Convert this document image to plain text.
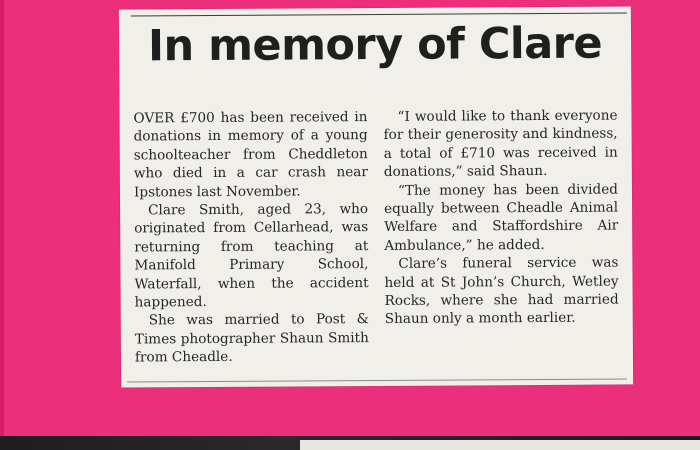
In memory of Clare

OVER £700 has been received in donations in memory of a young schoolteacher from Cheddleton who died in a car crash near Ipstones last November.

Clare Smith, aged 23, who originated from Cellarhead, was returning from teaching at Manifold Primary School, Waterfall, when the accident happened.

She was married to Post & Times photographer Shaun Smith from Cheadle.

“I would like to thank everyone for their generosity and kindness, a total of £710 was received in donations,” said Shaun.

“The money has been divided equally between Cheadle Animal Welfare and Staffordshire Air Ambulance,” he added.

Clare’s funeral service was held at St John’s Church, Wetley Rocks, where she had married Shaun only a month earlier.
